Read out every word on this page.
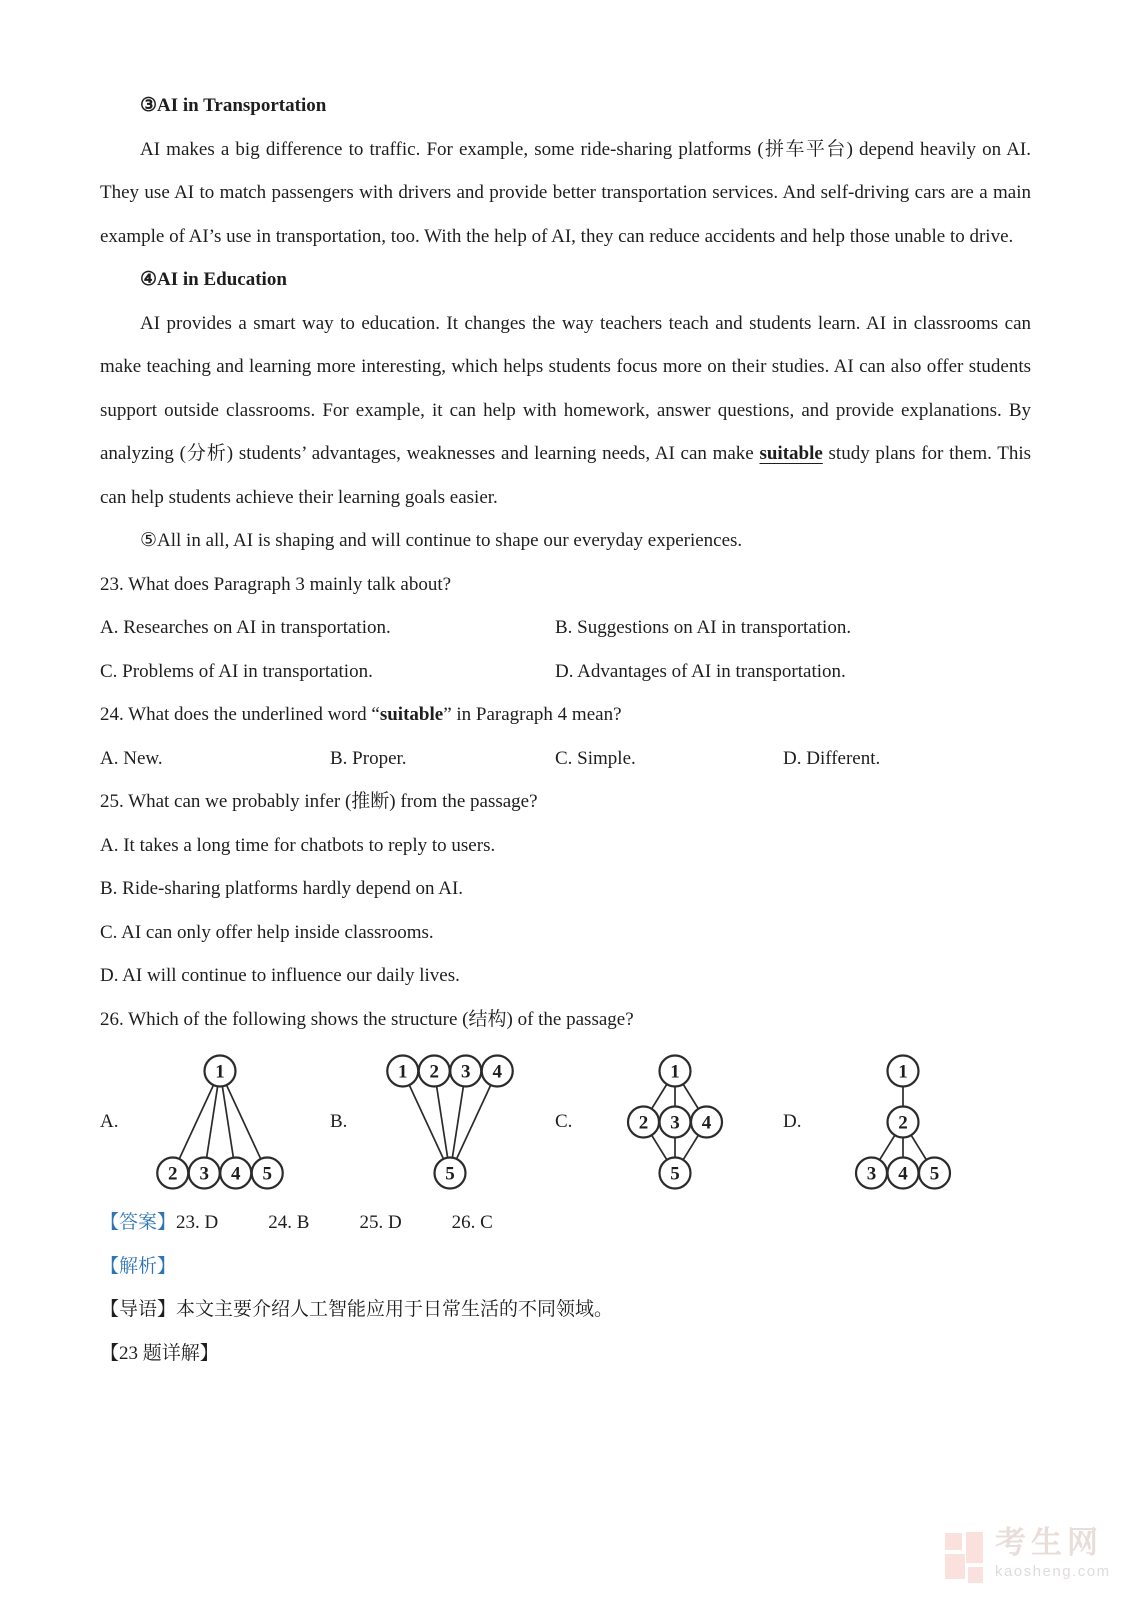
③AI in Transportation

AI makes a big difference to traffic. For example, some ride-sharing platforms (拼车平台) depend heavily on AI. They use AI to match passengers with drivers and provide better transportation services. And self-driving cars are a main example of AI’s use in transportation, too. With the help of AI, they can reduce accidents and help those unable to drive.

④AI in Education

AI provides a smart way to education. It changes the way teachers teach and students learn. AI in classrooms can make teaching and learning more interesting, which helps students focus more on their studies. AI can also offer students support outside classrooms. For example, it can help with homework, answer questions, and provide explanations. By analyzing (分析) students’ advantages, weaknesses and learning needs, AI can make suitable study plans for them. This can help students achieve their learning goals easier.

⑤All in all, AI is shaping and will continue to shape our everyday experiences.

23. What does Paragraph 3 mainly talk about?

A. Researches on AI in transportation.	B. Suggestions on AI in transportation.
C. Problems of AI in transportation.	D. Advantages of AI in transportation.

24. What does the underlined word “suitable” in Paragraph 4 mean?

A. New.	B. Proper.	C. Simple.	D. Different.

25. What can we probably infer (推断) from the passage?

A. It takes a long time for chatbots to reply to users.

B. Ride-sharing platforms hardly depend on AI.

C. AI can only offer help inside classrooms.

D. AI will continue to influence our daily lives.

26. Which of the following shows the structure (结构) of the passage?

A.
1
2 3 4 5
B.
1 2 3 4
5
C.
1
2 3 4
5
D.
1
2
3 4 5

【答案】23. D	24. B	25. D	26. C

【解析】

【导语】本文主要介绍人工智能应用于日常生活的不同领域。

【23 题详解】

考生网
kaosheng.com
